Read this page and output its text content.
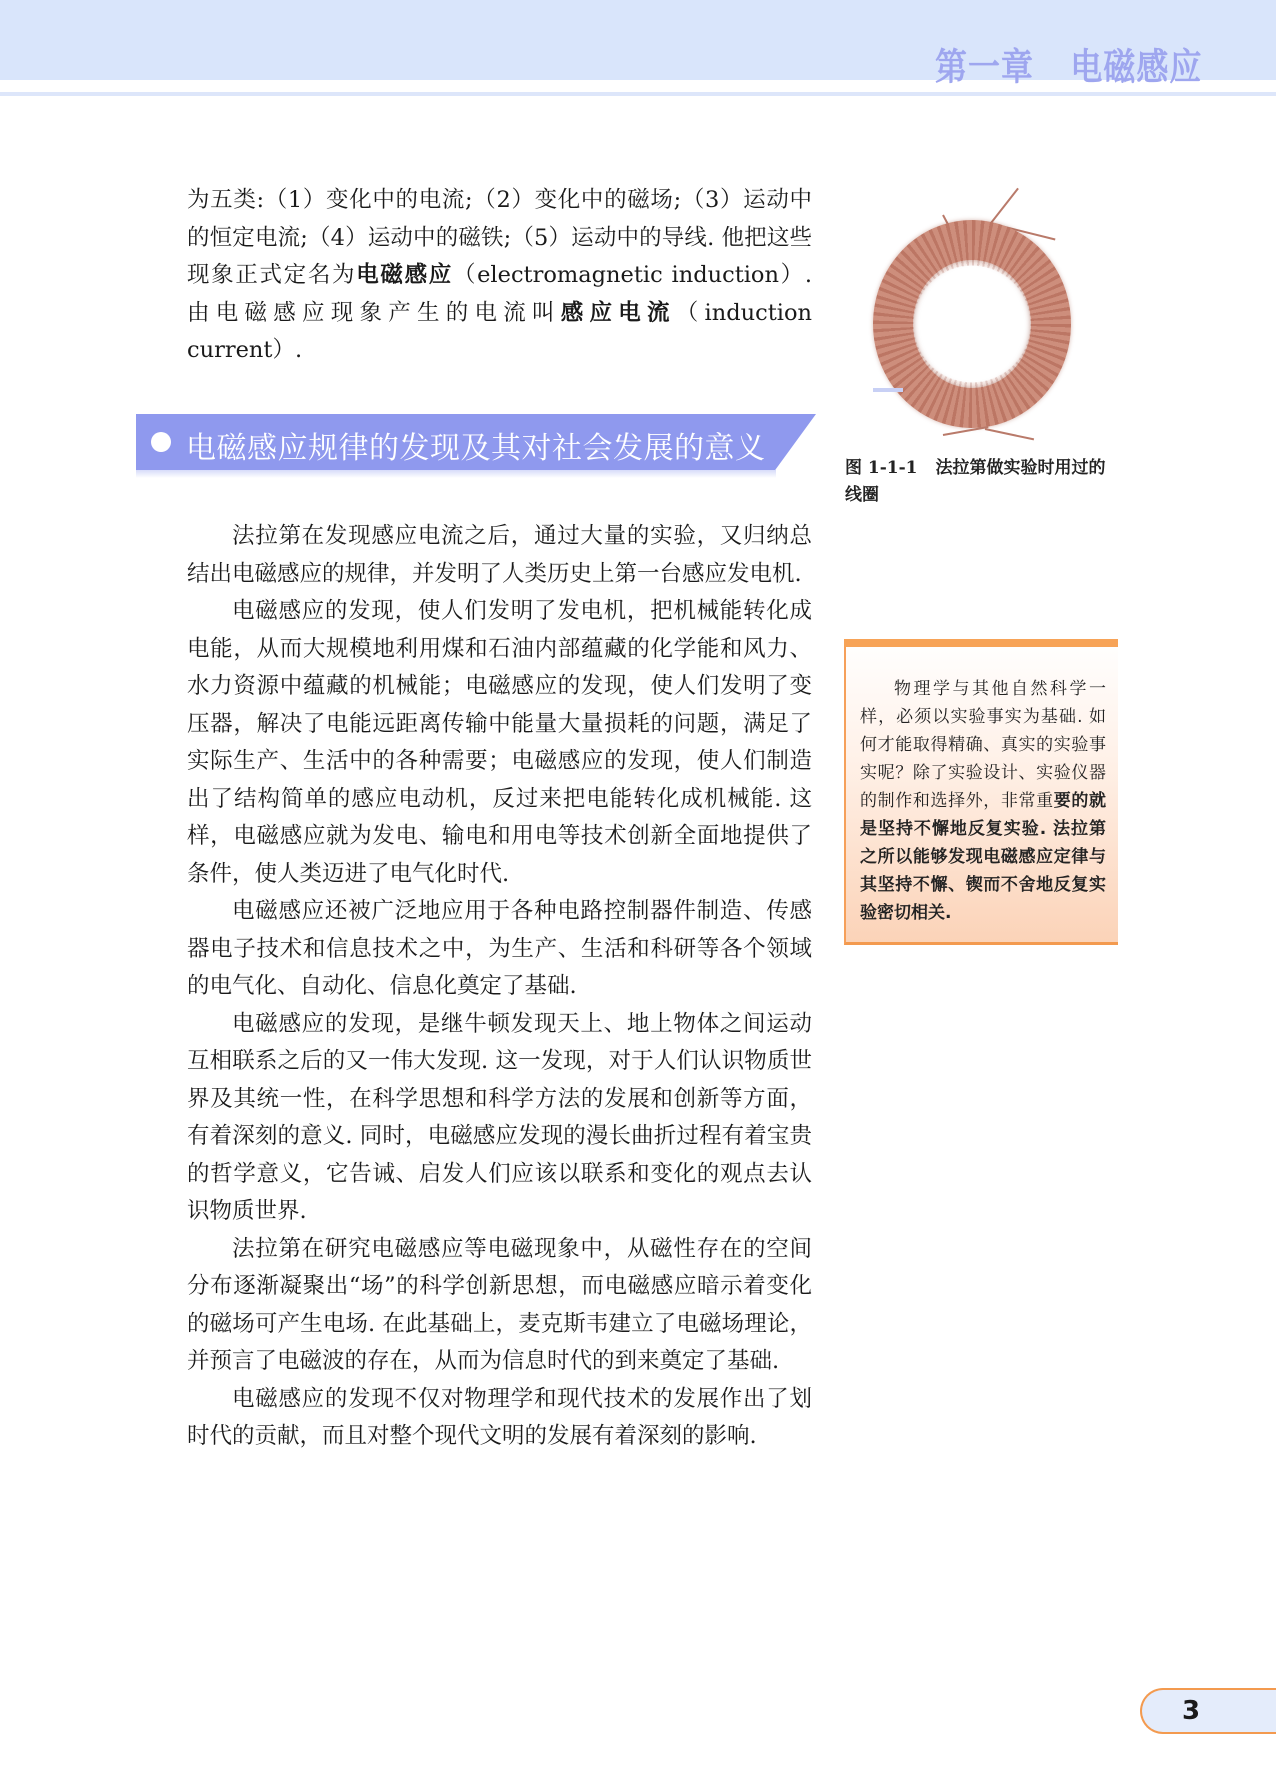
第一章   电磁感应

为五类:（1）变化中的电流;（2）变化中的磁场;（3）运动中的恒定电流;（4）运动中的磁铁;（5）运动中的导线. 他把这些现象正式定名为电磁感应（electromagnetic induction）. 由电磁感应现象产生的电流叫感应电流（induction current）.

电磁感应规律的发现及其对社会发展的意义

法拉第在发现感应电流之后，通过大量的实验，又归纳总结出电磁感应的规律，并发明了人类历史上第一台感应发电机.

电磁感应的发现，使人们发明了发电机，把机械能转化成电能，从而大规模地利用煤和石油内部蕴藏的化学能和风力、水力资源中蕴藏的机械能；电磁感应的发现，使人们发明了变压器，解决了电能远距离传输中能量大量损耗的问题，满足了实际生产、生活中的各种需要；电磁感应的发现，使人们制造出了结构简单的感应电动机，反过来把电能转化成机械能. 这样，电磁感应就为发电、输电和用电等技术创新全面地提供了条件，使人类迈进了电气化时代.

电磁感应还被广泛地应用于各种电路控制器件制造、传感器电子技术和信息技术之中，为生产、生活和科研等各个领域的电气化、自动化、信息化奠定了基础.

电磁感应的发现，是继牛顿发现天上、地上物体之间运动互相联系之后的又一伟大发现. 这一发现，对于人们认识物质世界及其统一性，在科学思想和科学方法的发展和创新等方面，有着深刻的意义. 同时，电磁感应发现的漫长曲折过程有着宝贵的哲学意义，它告诫、启发人们应该以联系和变化的观点去认识物质世界.

法拉第在研究电磁感应等电磁现象中，从磁性存在的空间分布逐渐凝聚出“场”的科学创新思想，而电磁感应暗示着变化的磁场可产生电场. 在此基础上，麦克斯韦建立了电磁场理论，并预言了电磁波的存在，从而为信息时代的到来奠定了基础.

电磁感应的发现不仅对物理学和现代技术的发展作出了划时代的贡献，而且对整个现代文明的发展有着深刻的影响.

图 1-1-1 法拉第做实验时用过的线圈

物理学与其他自然科学一样，必须以实验事实为基础. 如何才能取得精确、真实的实验事实呢？除了实验设计、实验仪器的制作和选择外，非常重要的就是坚持不懈地反复实验. 法拉第之所以能够发现电磁感应定律与其坚持不懈、锲而不舍地反复实验密切相关.

3
